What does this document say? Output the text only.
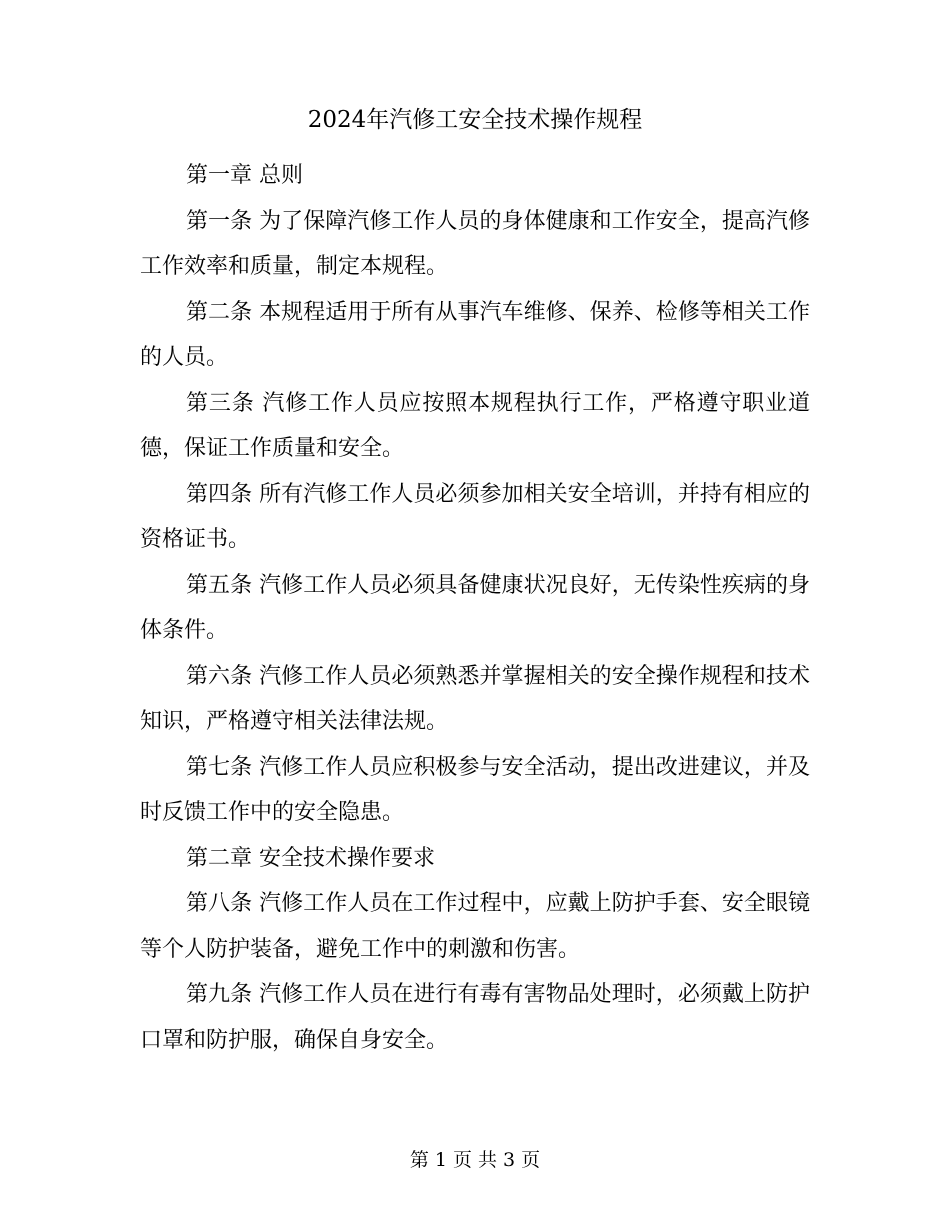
2024年汽修工安全技术操作规程

第一章 总则

第一条 为了保障汽修工作人员的身体健康和工作安全，提高汽修工作效率和质量，制定本规程。

第二条 本规程适用于所有从事汽车维修、保养、检修等相关工作的人员。

第三条 汽修工作人员应按照本规程执行工作，严格遵守职业道德，保证工作质量和安全。

第四条 所有汽修工作人员必须参加相关安全培训，并持有相应的资格证书。

第五条 汽修工作人员必须具备健康状况良好，无传染性疾病的身体条件。

第六条 汽修工作人员必须熟悉并掌握相关的安全操作规程和技术知识，严格遵守相关法律法规。

第七条 汽修工作人员应积极参与安全活动，提出改进建议，并及时反馈工作中的安全隐患。

第二章 安全技术操作要求

第八条 汽修工作人员在工作过程中，应戴上防护手套、安全眼镜等个人防护装备，避免工作中的刺激和伤害。

第九条 汽修工作人员在进行有毒有害物品处理时，必须戴上防护口罩和防护服，确保自身安全。

第 1 页 共 3 页
